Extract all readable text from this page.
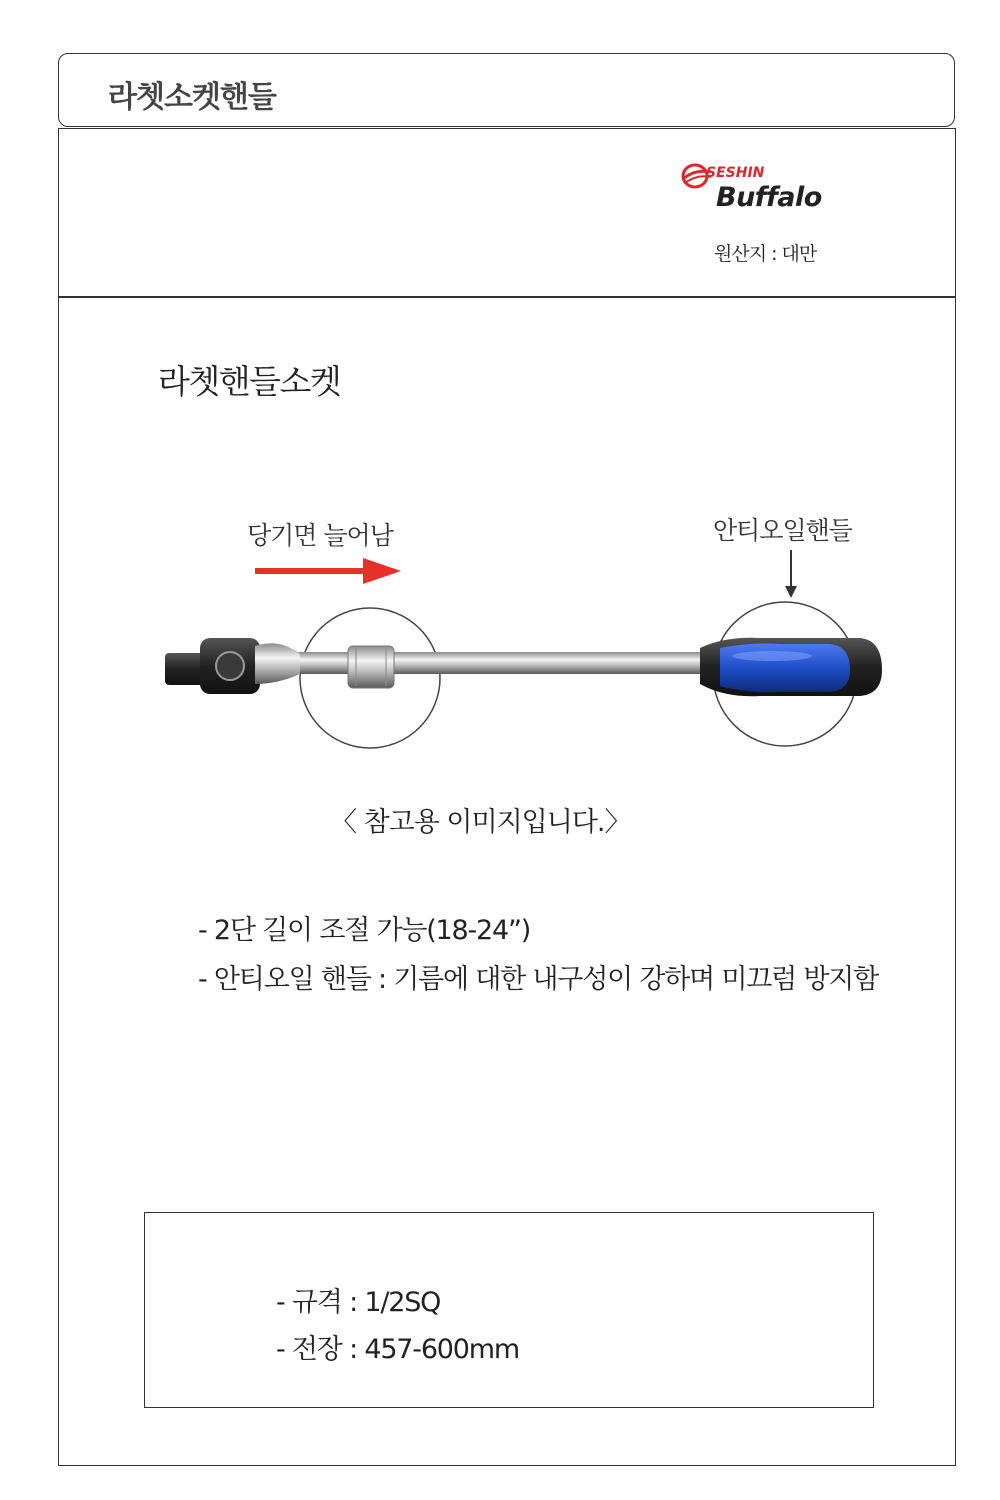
라쳇소켓핸들
SESHIN
Buffalo
원산지 : 대만
라쳇핸들소켓
당기면 늘어남	안티오일핸들
〈 참고용 이미지입니다.〉
- 2단 길이 조절 가능(18-24”)
- 안티오일 핸들 : 기름에 대한 내구성이 강하며 미끄럼 방지함
- 규격 : 1/2SQ
- 전장 : 457-600mm
